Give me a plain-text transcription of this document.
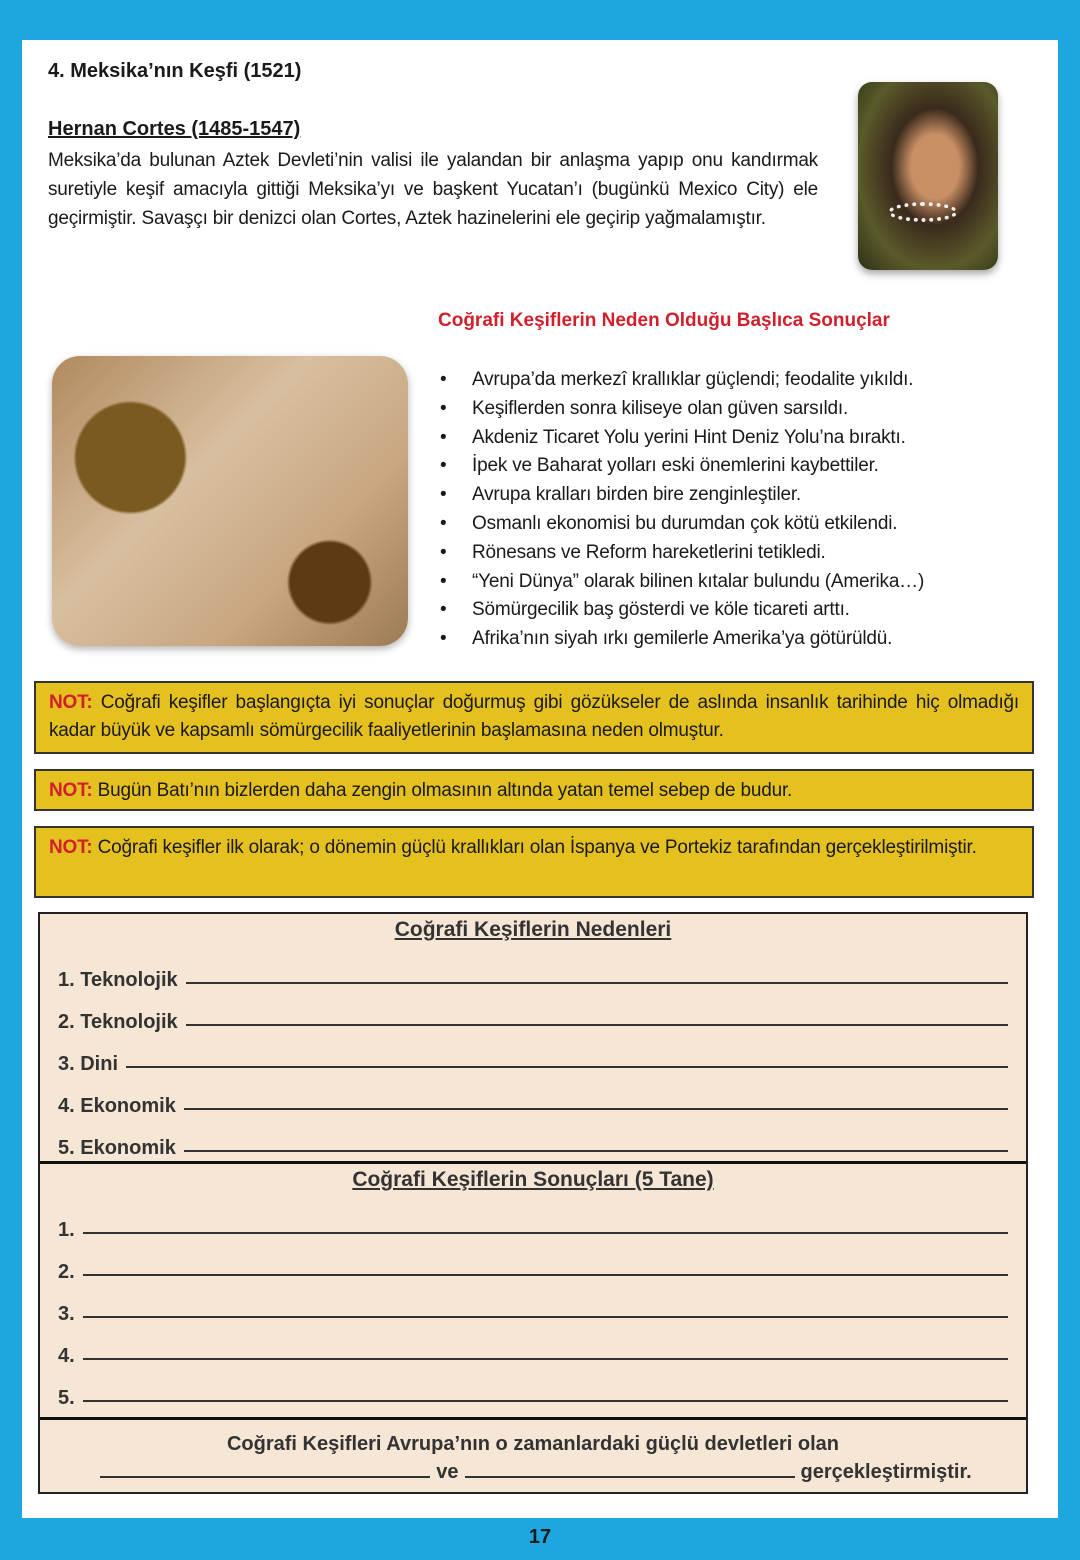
4. Meksika’nın Keşfi (1521)
Hernan Cortes (1485-1547)
Meksika’da bulunan Aztek Devleti’nin valisi ile yalandan bir anlaşma yapıp onu kandırmak suretiyle keşif amacıyla gittiği Meksika’yı ve başkent Yucatan’ı (bugünkü Mexico City) ele geçirmiştir. Savaşçı bir denizci olan Cortes, Aztek hazinelerini ele geçirip yağmalamıştır.
Coğrafi Keşiflerin Neden Olduğu Başlıca Sonuçlar
• Avrupa’da merkezî krallıklar güçlendi; feodalite yıkıldı.
• Keşiflerden sonra kiliseye olan güven sarsıldı.
• Akdeniz Ticaret Yolu yerini Hint Deniz Yolu’na bıraktı.
• İpek ve Baharat yolları eski önemlerini kaybettiler.
• Avrupa kralları birden bire zenginleştiler.
• Osmanlı ekonomisi bu durumdan çok kötü etkilendi.
• Rönesans ve Reform hareketlerini tetikledi.
• “Yeni Dünya” olarak bilinen kıtalar bulundu (Amerika…)
• Sömürgecilik baş gösterdi ve köle ticareti arttı.
• Afrika’nın siyah ırkı gemilerle Amerika’ya götürüldü.
NOT: Coğrafi keşifler başlangıçta iyi sonuçlar doğurmuş gibi gözükseler de aslında insanlık tarihinde hiç olmadığı kadar büyük ve kapsamlı sömürgecilik faaliyetlerinin başlamasına neden olmuştur.
NOT: Bugün Batı’nın bizlerden daha zengin olmasının altında yatan temel sebep de budur.
NOT: Coğrafi keşifler ilk olarak; o dönemin güçlü krallıkları olan İspanya ve Portekiz tarafından gerçekleştirilmiştir.
Coğrafi Keşiflerin Nedenleri
1. Teknolojik
2. Teknolojik
3. Dini
4. Ekonomik
5. Ekonomik
Coğrafi Keşiflerin Sonuçları (5 Tane)
1.
2.
3.
4.
5.
Coğrafi Keşifleri Avrupa’nın o zamanlardaki güçlü devletleri olan
ve	gerçekleştirmiştir.
17
